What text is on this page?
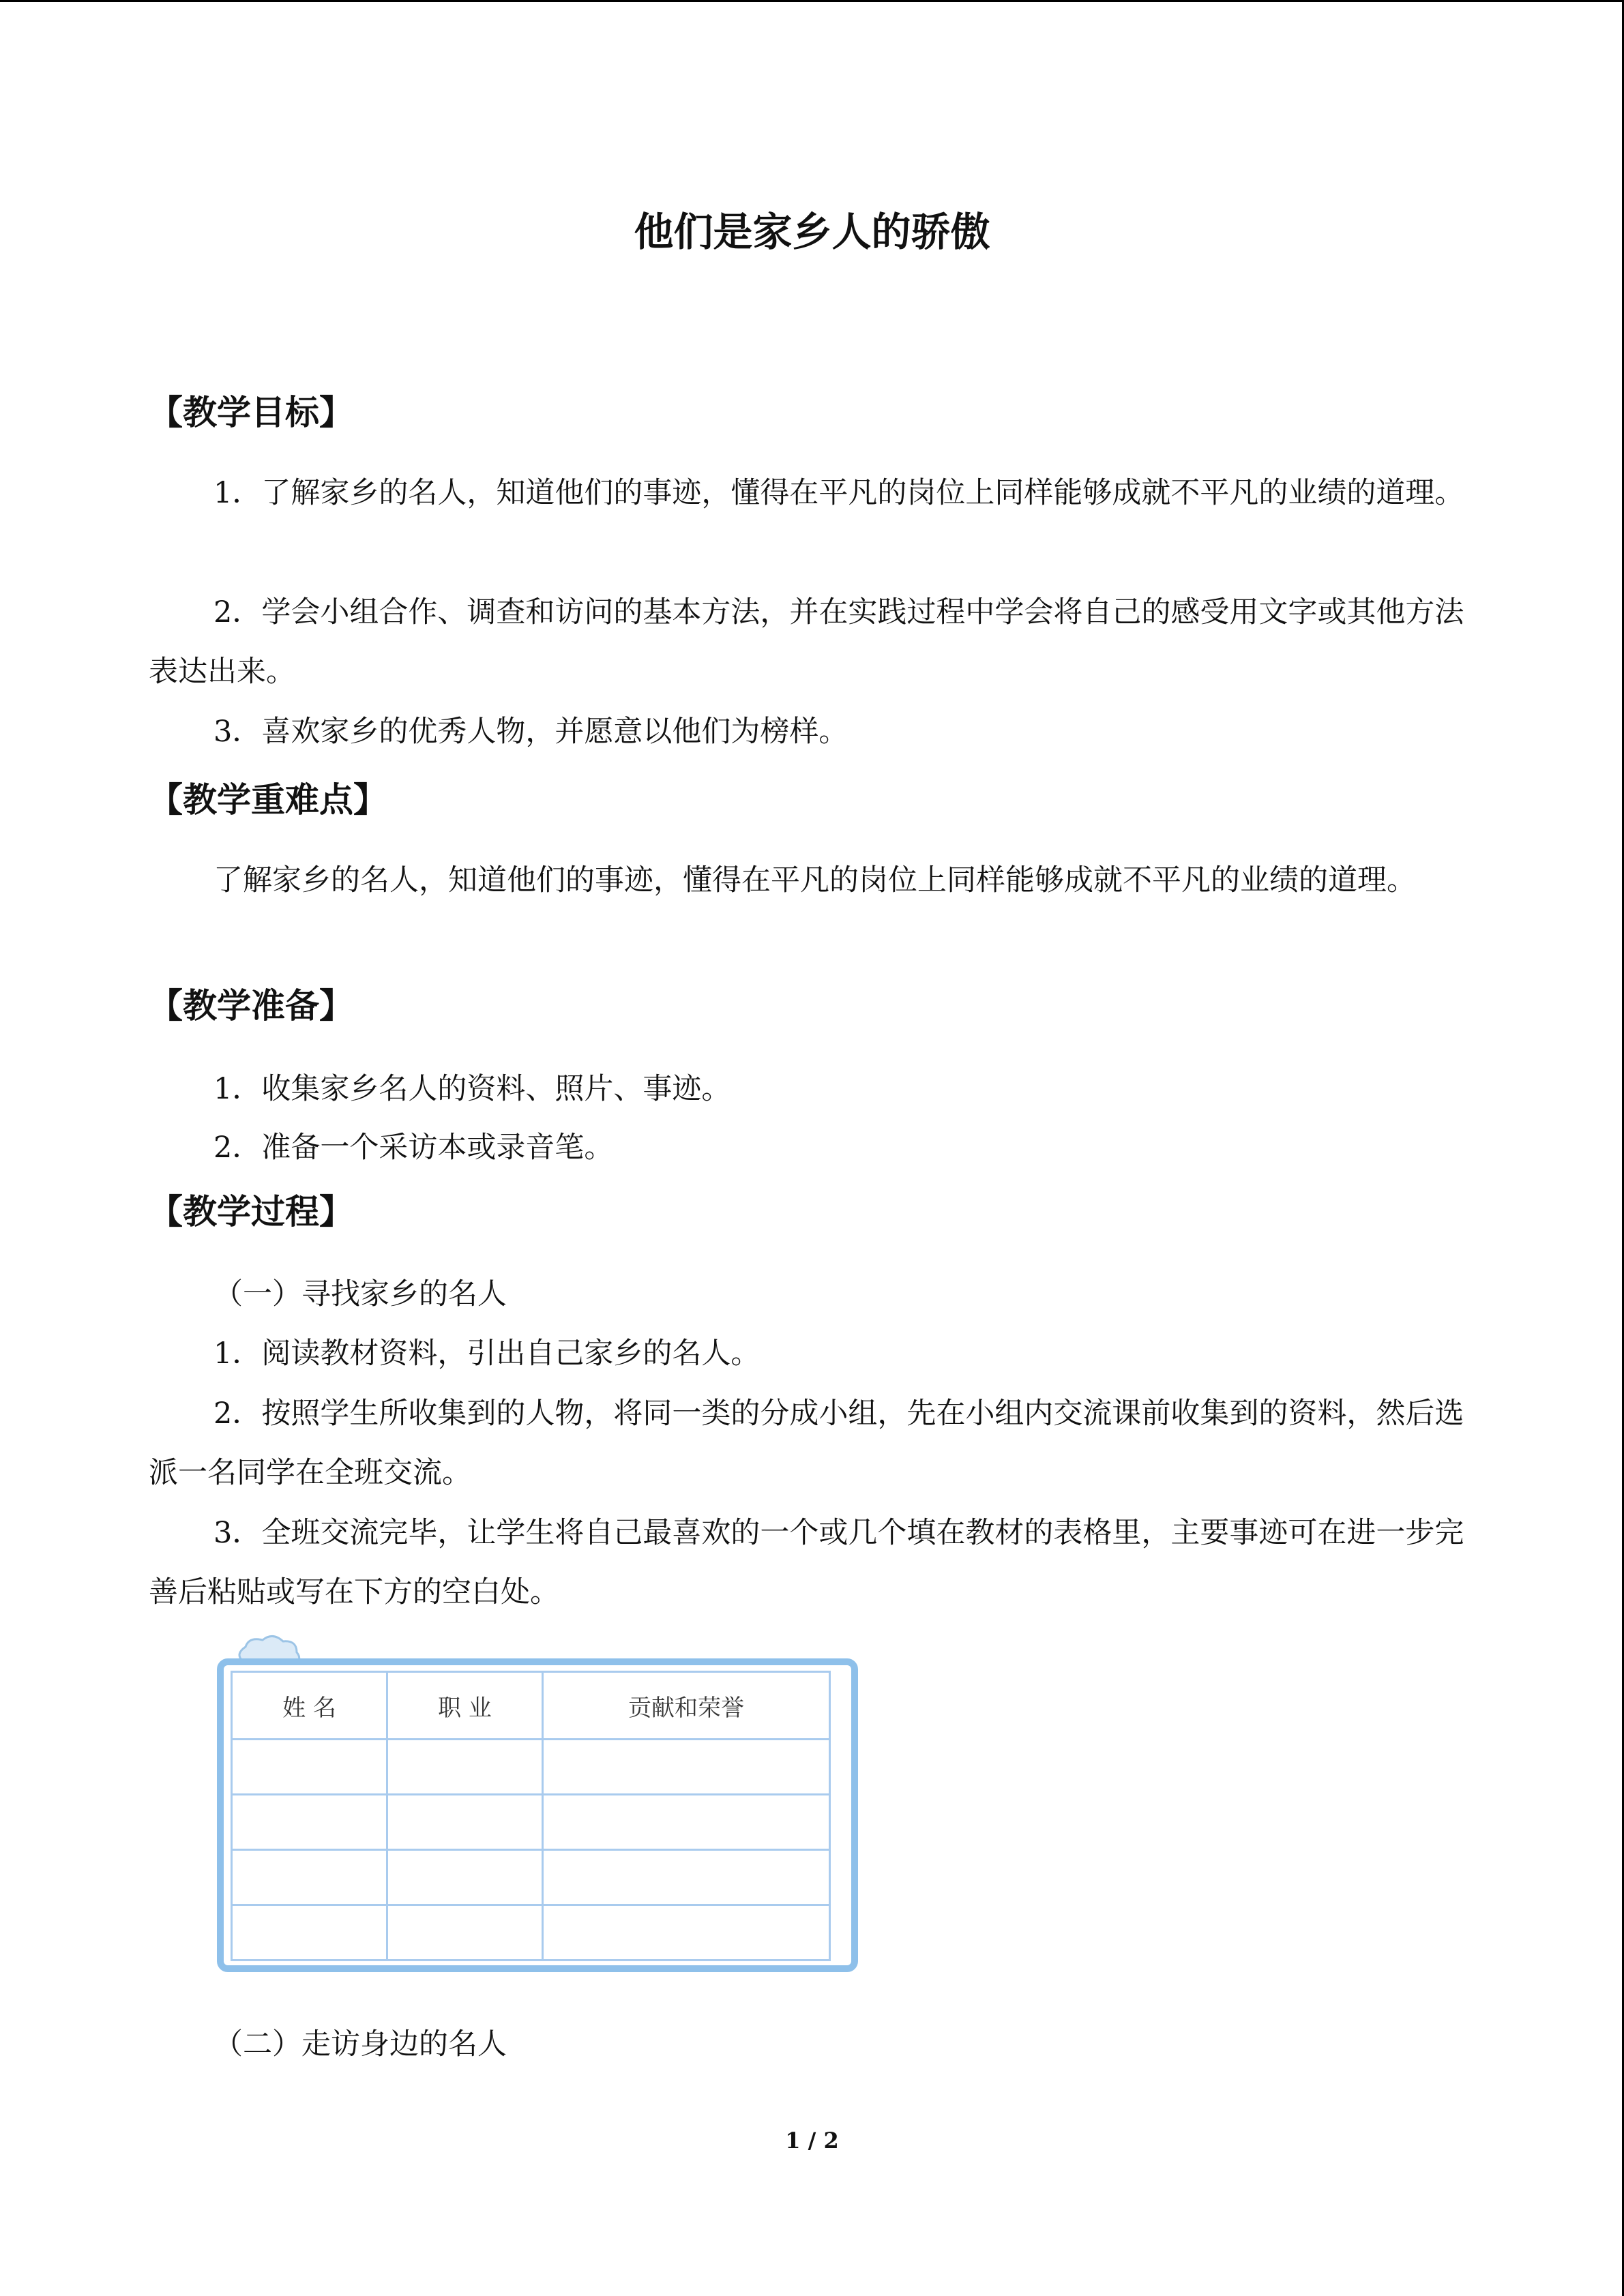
他们是家乡人的骄傲
【教学目标】

1．了解家乡的名人，知道他们的事迹，懂得在平凡的岗位上同样能够成就不平凡的业绩的道理。

2．学会小组合作、调查和访问的基本方法，并在实践过程中学会将自己的感受用文字或其他方法表达出来。

3．喜欢家乡的优秀人物，并愿意以他们为榜样。

【教学重难点】

了解家乡的名人，知道他们的事迹，懂得在平凡的岗位上同样能够成就不平凡的业绩的道理。

【教学准备】
1．收集家乡名人的资料、照片、事迹。
2．准备一个采访本或录音笔。
【教学过程】
（一）寻找家乡的名人
1．阅读教材资料，引出自己家乡的名人。

2．按照学生所收集到的人物，将同一类的分成小组，先在小组内交流课前收集到的资料，然后选派一名同学在全班交流。

3．全班交流完毕，让学生将自己最喜欢的一个或几个填在教材的表格里，主要事迹可在进一步完善后粘贴或写在下方的空白处。

姓 名	职 业	贡献和荣誉

（二）走访身边的名人
1 / 2
